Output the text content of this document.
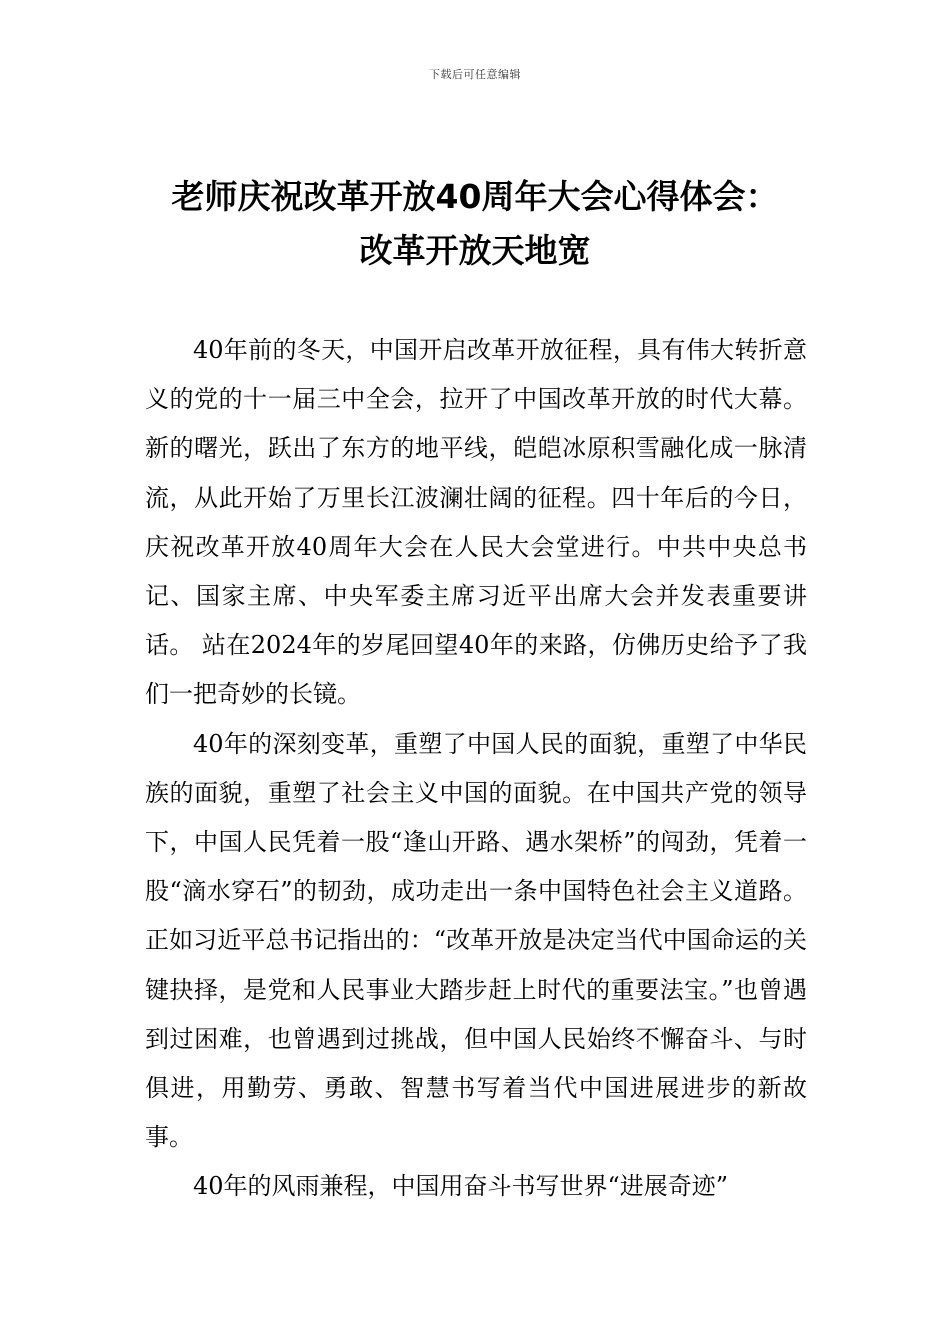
下载后可任意编辑
老师庆祝改革开放40周年大会心得体会：
改革开放天地宽

40年前的冬天，中国开启改革开放征程，具有伟大转折意义的党的十一届三中全会，拉开了中国改革开放的时代大幕。新的曙光，跃出了东方的地平线，皑皑冰原积雪融化成一脉清流，从此开始了万里长江波澜壮阔的征程。四十年后的今日，庆祝改革开放40周年大会在人民大会堂进行。中共中央总书记、国家主席、中央军委主席习近平出席大会并发表重要讲话。 站在2024年的岁尾回望40年的来路，仿佛历史给予了我们一把奇妙的长镜。

40年的深刻变革，重塑了中国人民的面貌，重塑了中华民族的面貌，重塑了社会主义中国的面貌。在中国共产党的领导下，中国人民凭着一股“逢山开路、遇水架桥”的闯劲，凭着一股“滴水穿石”的韧劲，成功走出一条中国特色社会主义道路。正如习近平总书记指出的：“改革开放是决定当代中国命运的关键抉择，是党和人民事业大踏步赶上时代的重要法宝。”也曾遇到过困难，也曾遇到过挑战，但中国人民始终不懈奋斗、与时俱进，用勤劳、勇敢、智慧书写着当代中国进展进步的新故事。

40年的风雨兼程，中国用奋斗书写世界“进展奇迹”
